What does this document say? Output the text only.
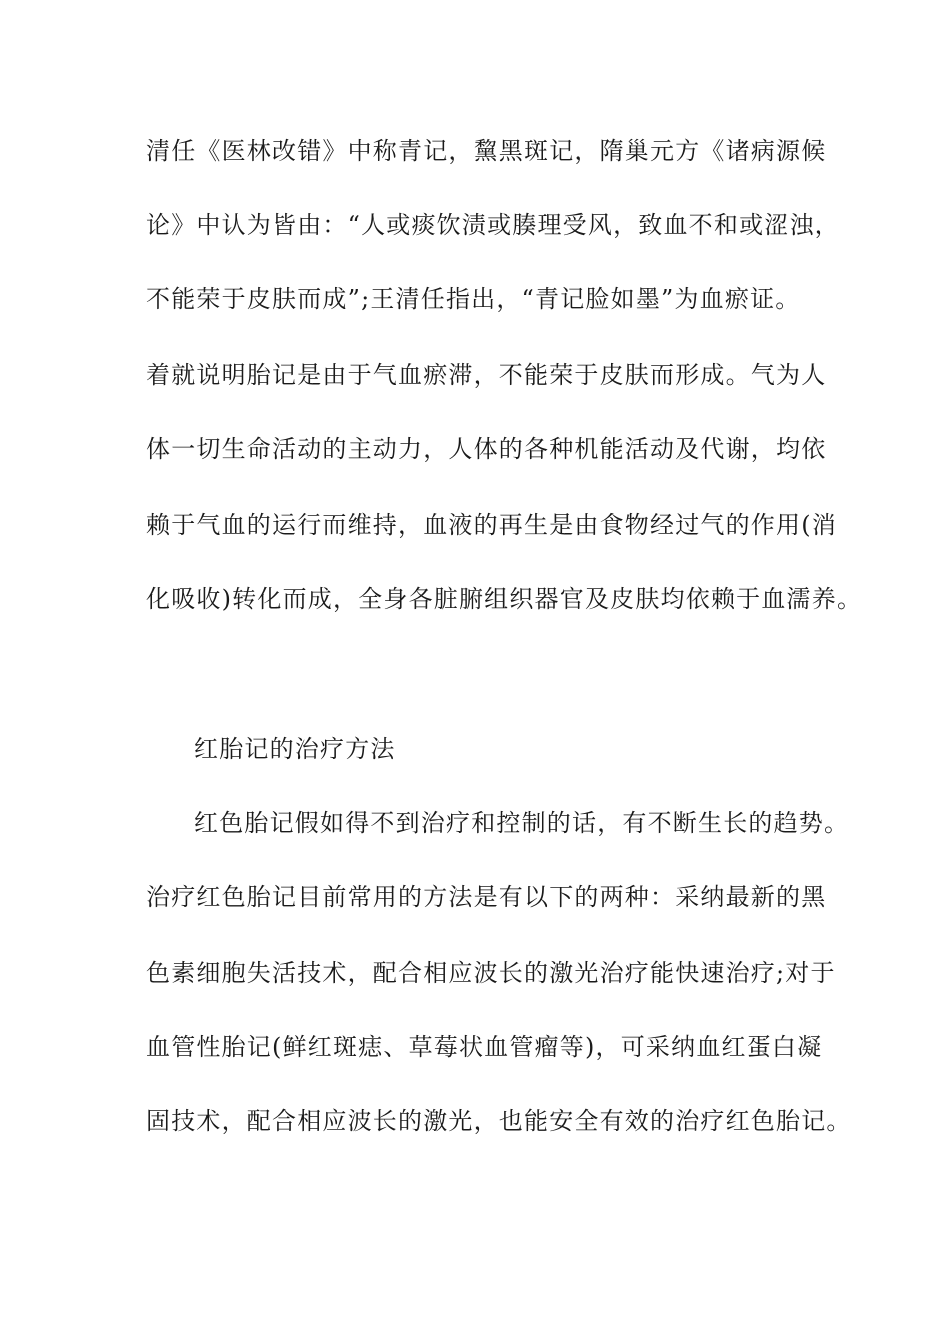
清任《医林改错》中称青记，黧黑斑记，隋巢元方《诸病源候
论》中认为皆由：“人或痰饮渍或腠理受风，致血不和或涩浊，
不能荣于皮肤而成”;王清任指出，“青记脸如墨”为血瘀证。
着就说明胎记是由于气血瘀滞，不能荣于皮肤而形成。气为人
体一切生命活动的主动力，人体的各种机能活动及代谢，均依
赖于气血的运行而维持，血液的再生是由食物经过气的作用(消
化吸收)转化而成，全身各脏腑组织器官及皮肤均依赖于血濡养。
红胎记的治疗方法
红色胎记假如得不到治疗和控制的话，有不断生长的趋势。
治疗红色胎记目前常用的方法是有以下的两种：采纳最新的黑
色素细胞失活技术，配合相应波长的激光治疗能快速治疗;对于
血管性胎记(鲜红斑痣、草莓状血管瘤等)，可采纳血红蛋白凝
固技术，配合相应波长的激光，也能安全有效的治疗红色胎记。
